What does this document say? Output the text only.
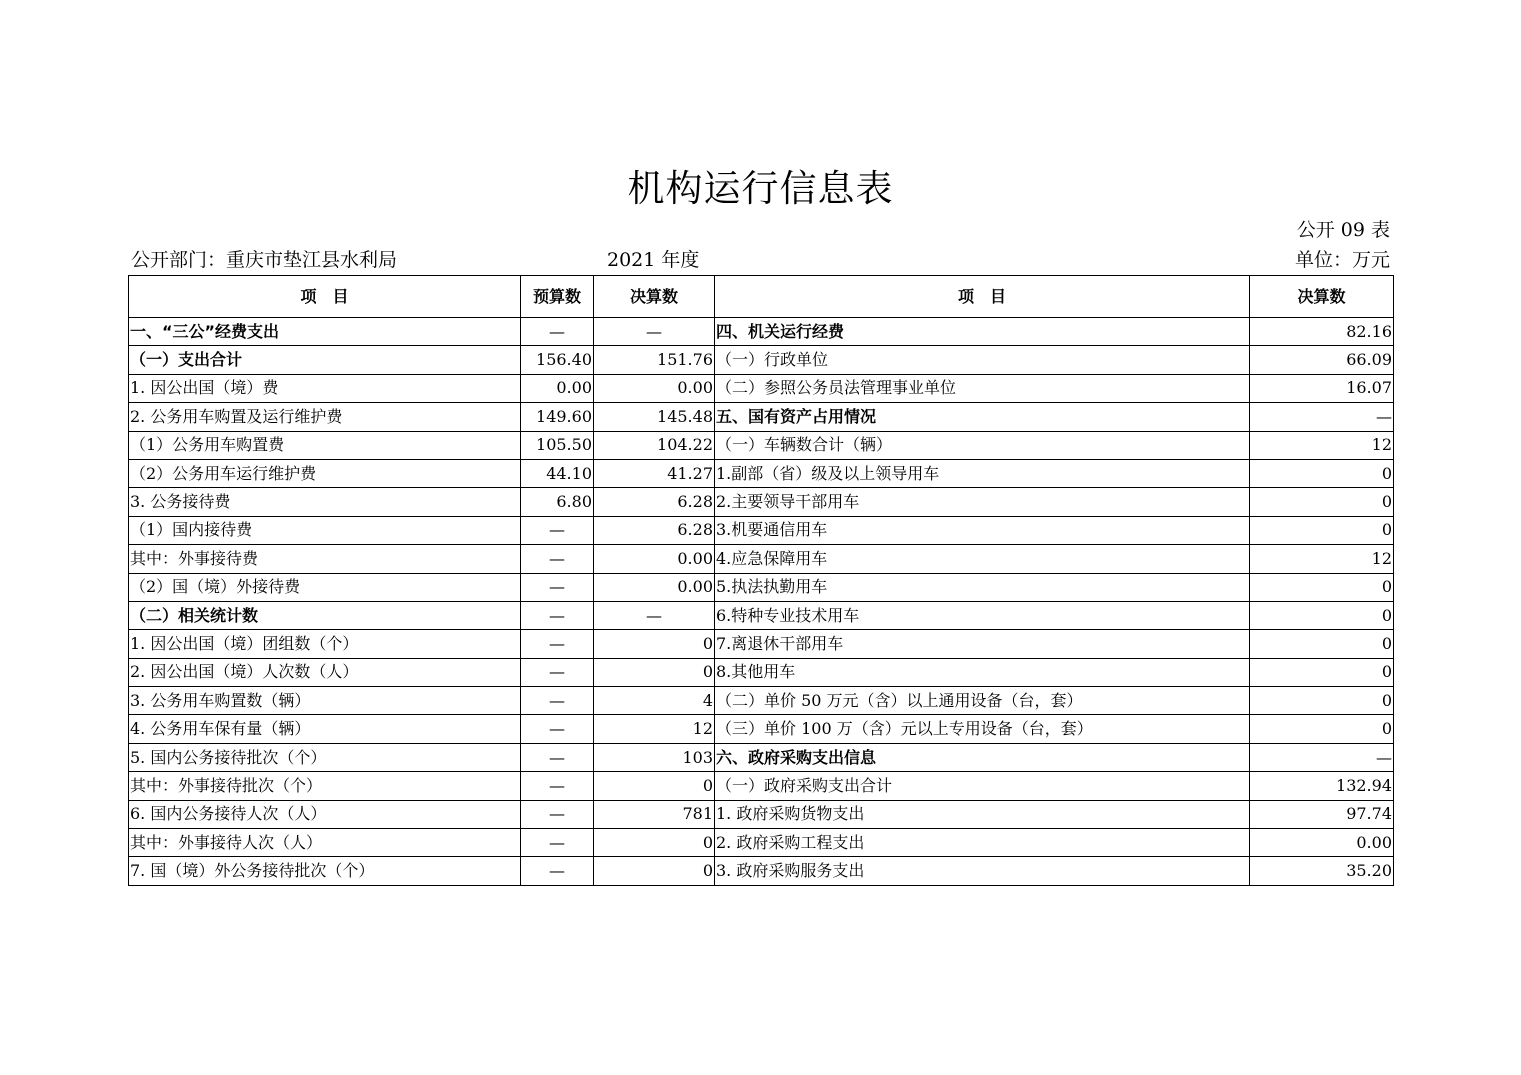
机构运行信息表
公开 09 表
公开部门：重庆市垫江县水利局	2021 年度	单位：万元
项　目	预算数	决算数	项　目	决算数
一、“三公”经费支出	—	—	四、机关运行经费	82.16
（一）支出合计	156.40	151.76	（一）行政单位	66.09
1. 因公出国（境）费	0.00	0.00	（二）参照公务员法管理事业单位	16.07
2. 公务用车购置及运行维护费	149.60	145.48	五、国有资产占用情况	—
（1）公务用车购置费	105.50	104.22	（一）车辆数合计（辆）	12
（2）公务用车运行维护费	44.10	41.27	1.副部（省）级及以上领导用车	0
3. 公务接待费	6.80	6.28	2.主要领导干部用车	0
（1）国内接待费	—	6.28	3.机要通信用车	0
其中：外事接待费	—	0.00	4.应急保障用车	12
（2）国（境）外接待费	—	0.00	5.执法执勤用车	0
（二）相关统计数	—	—	6.特种专业技术用车	0
1. 因公出国（境）团组数（个）	—	0	7.离退休干部用车	0
2. 因公出国（境）人次数（人）	—	0	8.其他用车	0
3. 公务用车购置数（辆）	—	4	（二）单价 50 万元（含）以上通用设备（台，套）	0
4. 公务用车保有量（辆）	—	12	（三）单价 100 万（含）元以上专用设备（台，套）	0
5. 国内公务接待批次（个）	—	103	六、政府采购支出信息	—
其中：外事接待批次（个）	—	0	（一）政府采购支出合计	132.94
6. 国内公务接待人次（人）	—	781	1. 政府采购货物支出	97.74
其中：外事接待人次（人）	—	0	2. 政府采购工程支出	0.00
7. 国（境）外公务接待批次（个）	—	0	3. 政府采购服务支出	35.20
